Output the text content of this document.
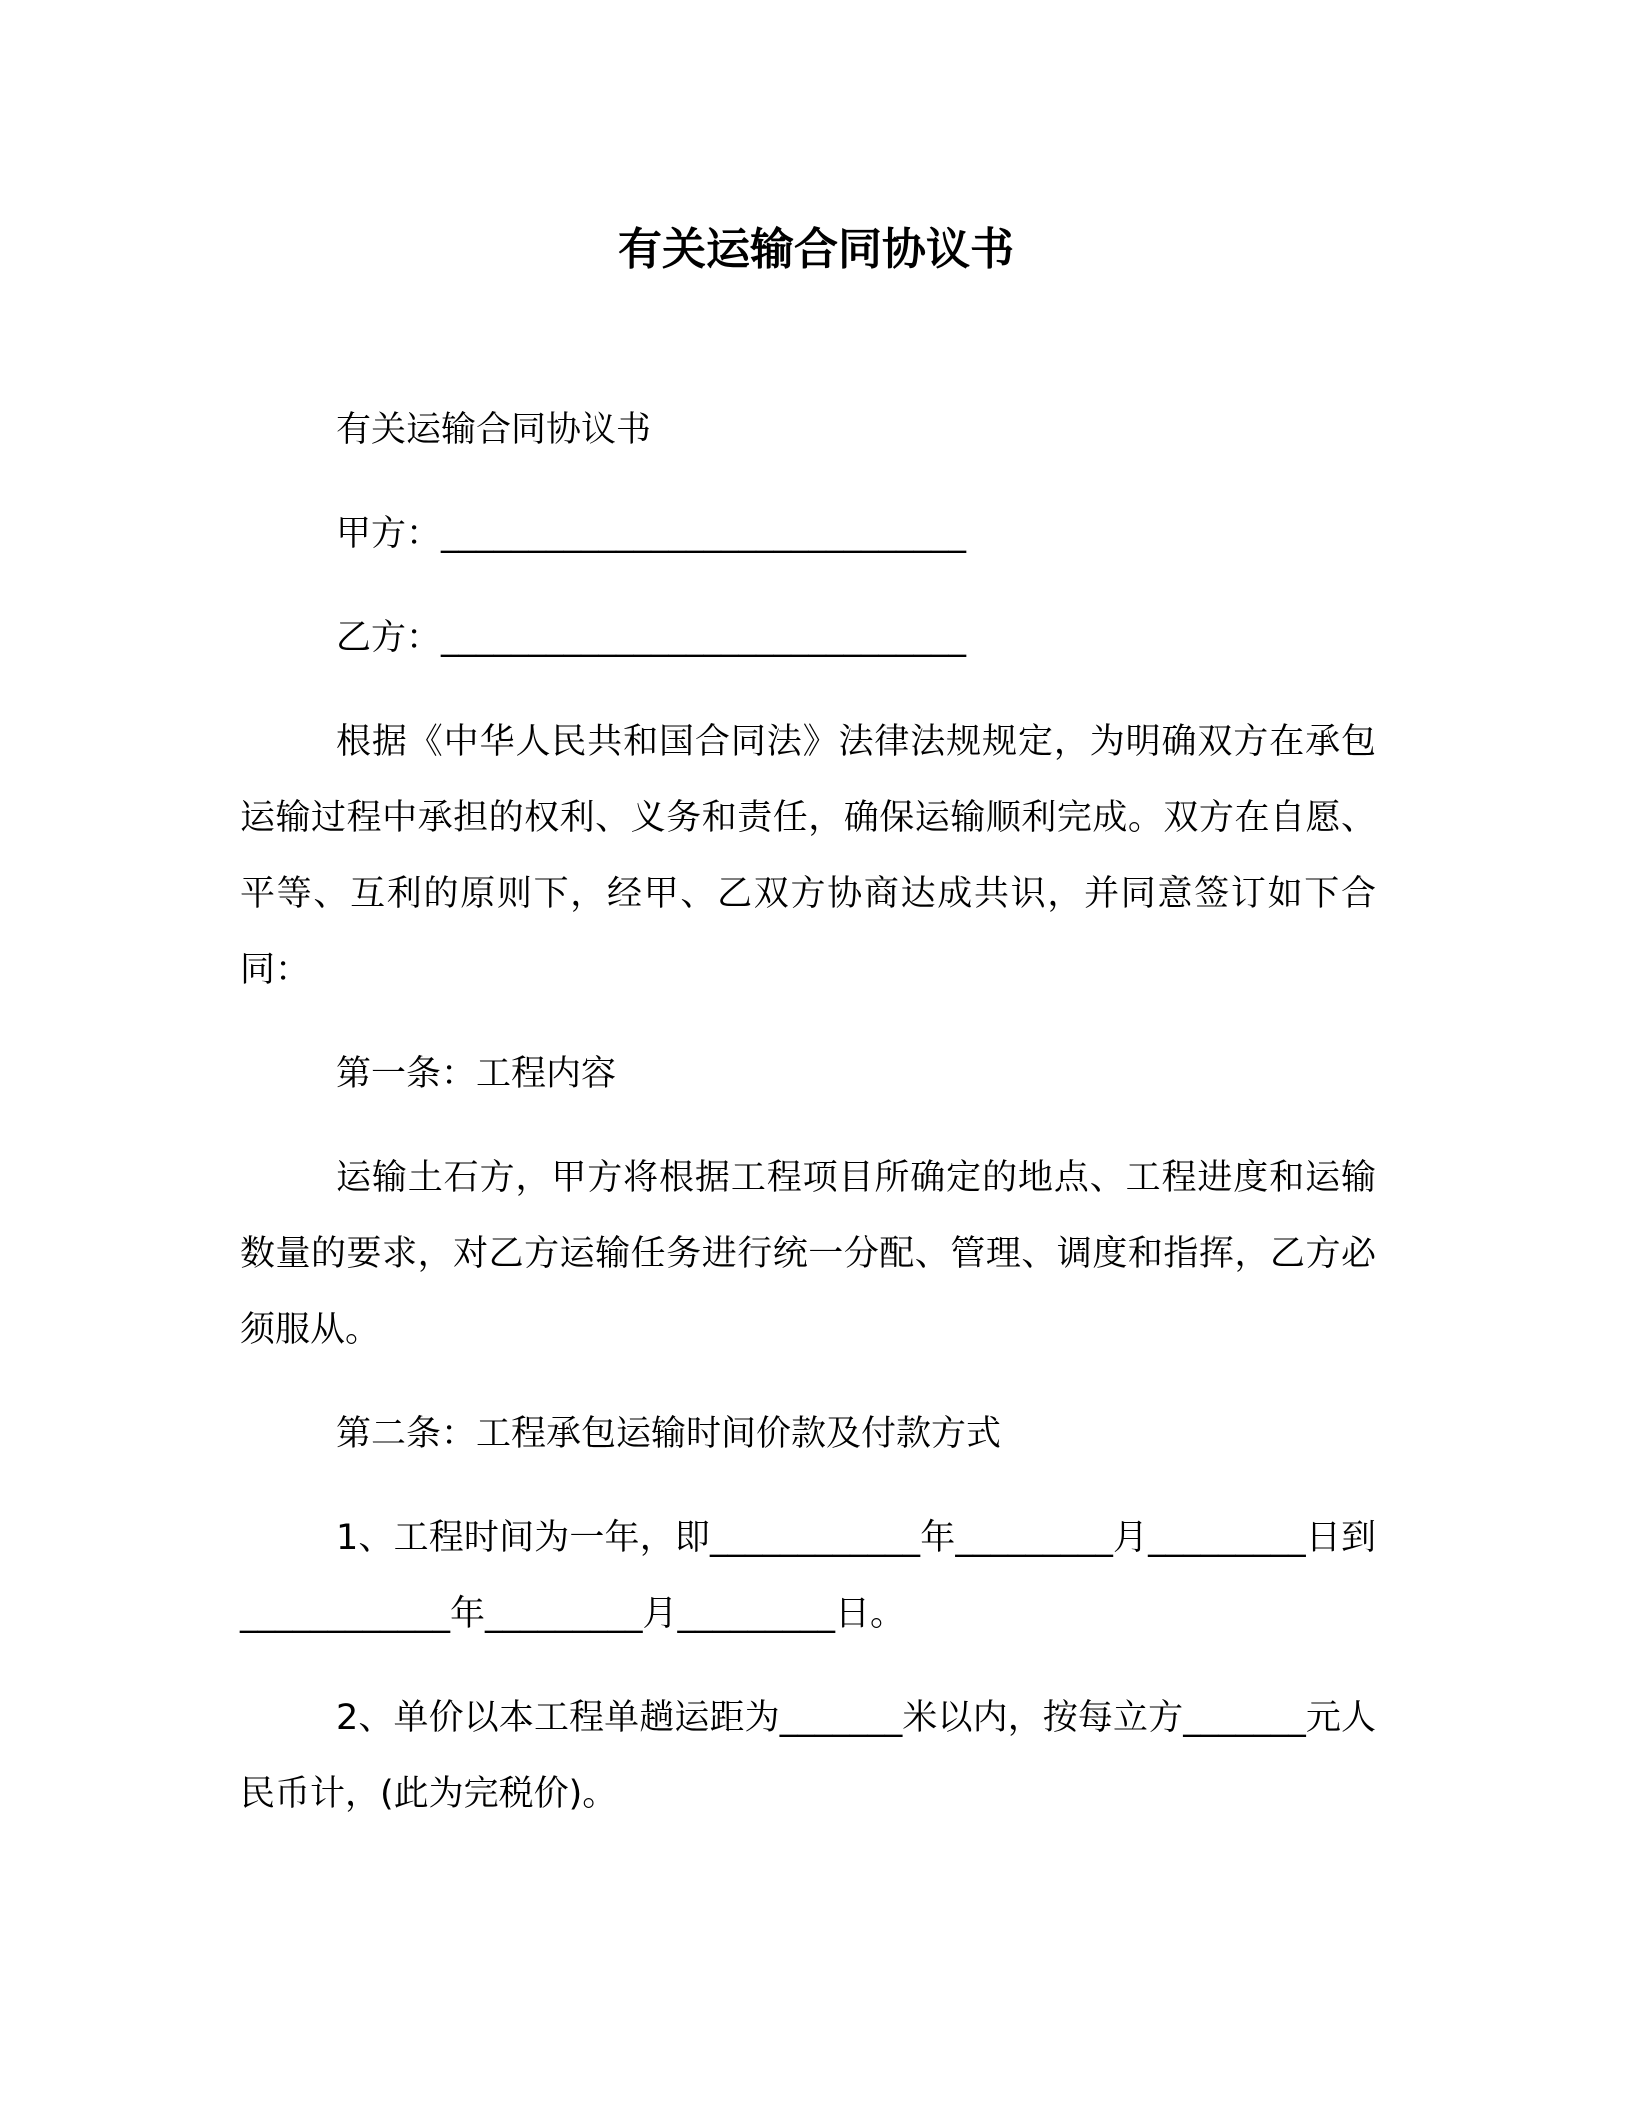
有关运输合同协议书

有关运输合同协议书

甲方：______________________________

乙方：______________________________

根据《中华人民共和国合同法》法律法规规定，为明确双方在承包运输过程中承担的权利、义务和责任，确保运输顺利完成。双方在自愿、平等、互利的原则下，经甲、乙双方协商达成共识，并同意签订如下合同：

第一条：工程内容

运输土石方，甲方将根据工程项目所确定的地点、工程进度和运输数量的要求，对乙方运输任务进行统一分配、管理、调度和指挥，乙方必须服从。

第二条：工程承包运输时间价款及付款方式

1、工程时间为一年，即____________年_________月_________日到____________年_________月_________日。

2、单价以本工程单趟运距为_______米以内，按每立方_______元人民币计，(此为完税价)。
